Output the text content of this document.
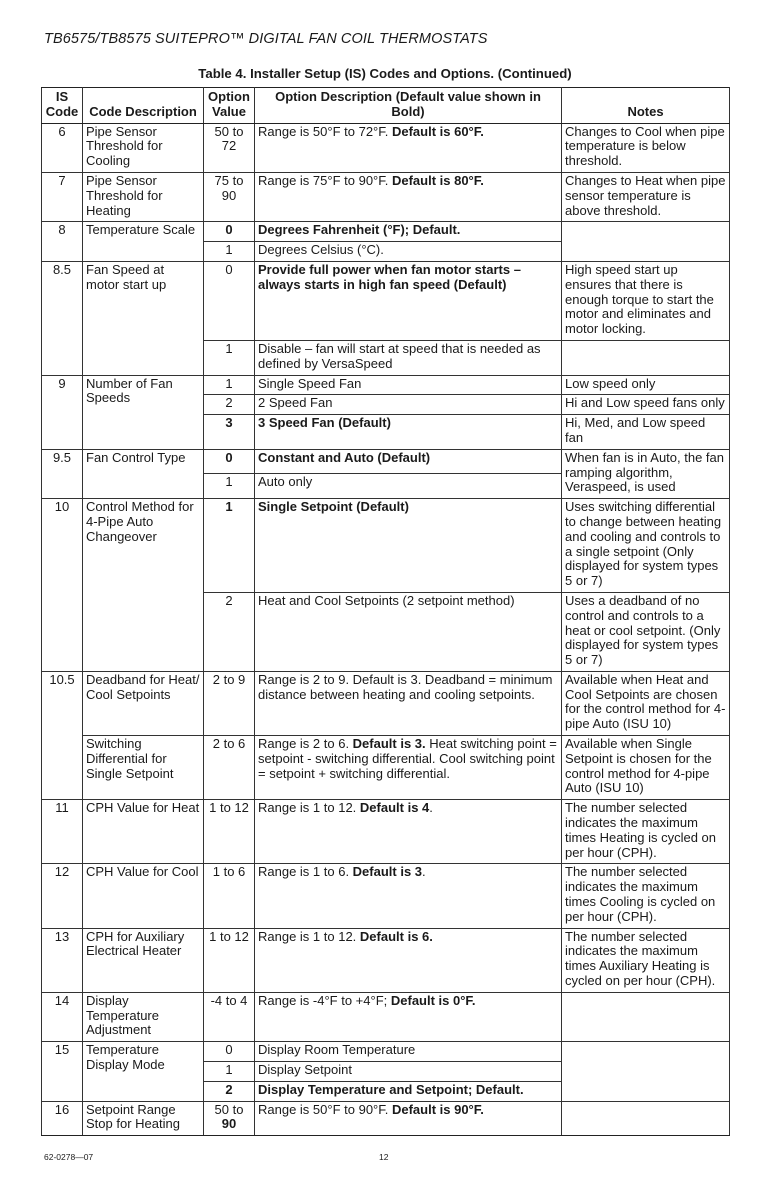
TB6575/TB8575 SUITEPRO™ DIGITAL FAN COIL THERMOSTATS
Table 4. Installer Setup (IS) Codes and Options. (Continued)
IS Code	Code Description	Option Value	Option Description (Default value shown in Bold)	Notes
6	Pipe Sensor Threshold for Cooling	50 to 72	Range is 50°F to 72°F. Default is 60°F.	Changes to Cool when pipe temperature is below threshold.
7	Pipe Sensor Threshold for Heating	75 to 90	Range is 75°F to 90°F. Default is 80°F.	Changes to Heat when pipe sensor temperature is above threshold.
8	Temperature Scale	0	Degrees Fahrenheit (°F); Default.	
		1	Degrees Celsius (°C).	
8.5	Fan Speed at motor start up	0	Provide full power when fan motor starts – always starts in high fan speed (Default)	High speed start up ensures that there is enough torque to start the motor and eliminates and motor locking.
		1	Disable – fan will start at speed that is needed as defined by VersaSpeed	
9	Number of Fan Speeds	1	Single Speed Fan	Low speed only
		2	2 Speed Fan	Hi and Low speed fans only
		3	3 Speed Fan (Default)	Hi, Med, and Low speed fan
9.5	Fan Control Type	0	Constant and Auto (Default)	When fan is in Auto, the fan ramping algorithm, Veraspeed, is used
		1	Auto only	
10	Control Method for 4-Pipe Auto Changeover	1	Single Setpoint (Default)	Uses switching differential to change between heating and cooling and controls to a single setpoint (Only displayed for system types 5 or 7)
		2	Heat and Cool Setpoints (2 setpoint method)	Uses a deadband of no control and controls to a heat or cool setpoint. (Only displayed for system types 5 or 7)
10.5	Deadband for Heat/ Cool Setpoints	2 to 9	Range is 2 to 9. Default is 3. Deadband = minimum distance between heating and cooling setpoints.	Available when Heat and Cool Setpoints are chosen for the control method for 4-pipe Auto (ISU 10)
	Switching Differential for Single Setpoint	2 to 6	Range is 2 to 6. Default is 3. Heat switching point = setpoint - switching differential. Cool switching point = setpoint + switching differential.	Available when Single Setpoint is chosen for the control method for 4-pipe Auto (ISU 10)
11	CPH Value for Heat	1 to 12	Range is 1 to 12. Default is 4.	The number selected indicates the maximum times Heating is cycled on per hour (CPH).
12	CPH Value for Cool	1 to 6	Range is 1 to 6. Default is 3.	The number selected indicates the maximum times Cooling is cycled on per hour (CPH).
13	CPH for Auxiliary Electrical Heater	1 to 12	Range is 1 to 12. Default is 6.	The number selected indicates the maximum times Auxiliary Heating is cycled on per hour (CPH).
14	Display Temperature Adjustment	-4 to 4	Range is -4°F to +4°F; Default is 0°F.	
15	Temperature Display Mode	0	Display Room Temperature	
		1	Display Setpoint	
		2	Display Temperature and Setpoint; Default.	
16	Setpoint Range Stop for Heating	50 to 90	Range is 50°F to 90°F. Default is 90°F.	
62-0278—07	12
